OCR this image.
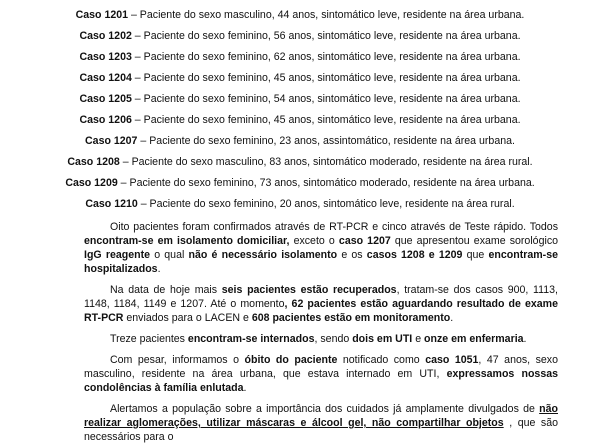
Caso 1201 – Paciente do sexo masculino, 44 anos, sintomático leve, residente na área urbana.
Caso 1202 – Paciente do sexo feminino, 56 anos, sintomático leve, residente na área urbana.
Caso 1203 – Paciente do sexo feminino, 62 anos, sintomático leve, residente na área urbana.
Caso 1204 – Paciente do sexo feminino, 45 anos, sintomático leve, residente na área urbana.
Caso 1205 – Paciente do sexo feminino, 54 anos, sintomático leve, residente na área urbana.
Caso 1206 – Paciente do sexo feminino, 45 anos, sintomático leve, residente na área urbana.
Caso 1207 – Paciente do sexo feminino, 23 anos, assintomático, residente na área urbana.
Caso 1208 – Paciente do sexo masculino, 83 anos, sintomático moderado, residente na área rural.
Caso 1209 – Paciente do sexo feminino, 73 anos, sintomático moderado, residente na área urbana.
Caso 1210 – Paciente do sexo feminino, 20 anos, sintomático leve, residente na área rural.

Oito pacientes foram confirmados através de RT-PCR e cinco através de Teste rápido. Todos encontram-se em isolamento domiciliar, exceto o caso 1207 que apresentou exame sorológico IgG reagente o qual não é necessário isolamento e os casos 1208 e 1209 que encontram-se hospitalizados.

Na data de hoje mais seis pacientes estão recuperados, tratam-se dos casos 900, 1113, 1148, 1184, 1149 e 1207. Até o momento, 62 pacientes estão aguardando resultado de exame RT-PCR enviados para o LACEN e 608 pacientes estão em monitoramento.

Treze pacientes encontram-se internados, sendo dois em UTI e onze em enfermaria.

Com pesar, informamos o óbito do paciente notificado como caso 1051, 47 anos, sexo masculino, residente na área urbana, que estava internado em UTI, expressamos nossas condolências à família enlutada.

Alertamos a população sobre a importância dos cuidados já amplamente divulgados de não realizar aglomerações, utilizar máscaras e álcool gel, não compartilhar objetos , que são necessários para o
